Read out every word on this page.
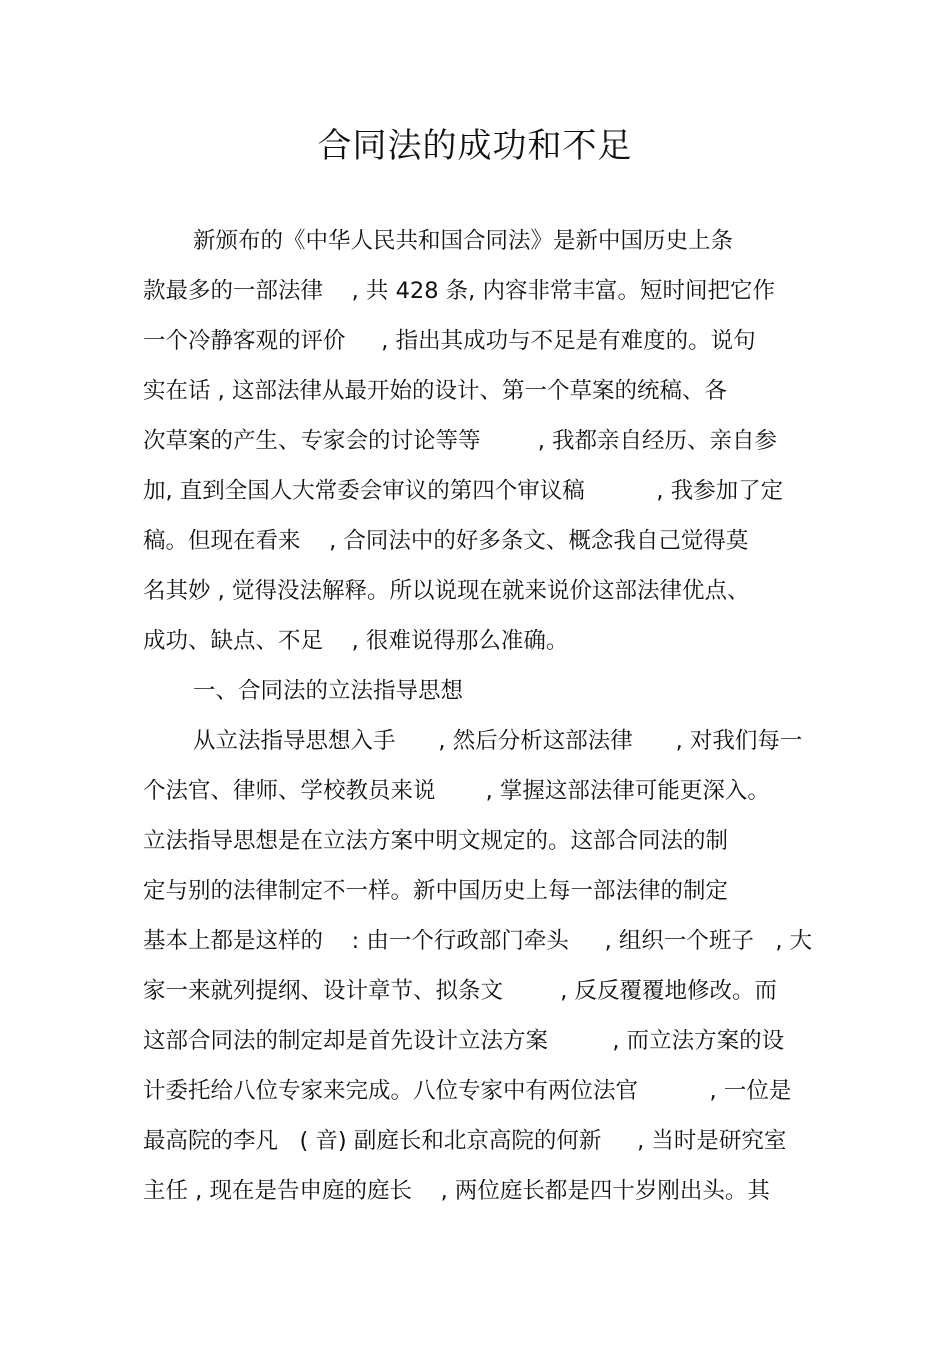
合同法的成功和不足
新颁布的《中华人民共和国合同法》是新中国历史上条
款最多的一部法律    , 共 428 条, 内容非常丰富。短时间把它作
一个冷静客观的评价     , 指出其成功与不足是有难度的。说句
实在话 , 这部法律从最开始的设计、第一个草案的统稿、各
次草案的产生、专家会的讨论等等        , 我都亲自经历、亲自参
加, 直到全国人大常委会审议的第四个审议稿          , 我参加了定
稿。但现在看来    , 合同法中的好多条文、概念我自己觉得莫
名其妙 , 觉得没法解释。所以说现在就来说价这部法律优点、
成功、缺点、不足    , 很难说得那么准确。
一、合同法的立法指导思想
从立法指导思想入手      , 然后分析这部法律      , 对我们每一
个法官、律师、学校教员来说       , 掌握这部法律可能更深入。
立法指导思想是在立法方案中明文规定的。这部合同法的制
定与别的法律制定不一样。新中国历史上每一部法律的制定
基本上都是这样的    : 由一个行政部门牵头     , 组织一个班子   , 大
家一来就列提纲、设计章节、拟条文        , 反反覆覆地修改。而
这部合同法的制定却是首先设计立法方案         , 而立法方案的设
计委托给八位专家来完成。八位专家中有两位法官          , 一位是
最高院的李凡   ( 音) 副庭长和北京高院的何新     , 当时是研究室
主任 , 现在是告申庭的庭长    , 两位庭长都是四十岁刚出头。其
